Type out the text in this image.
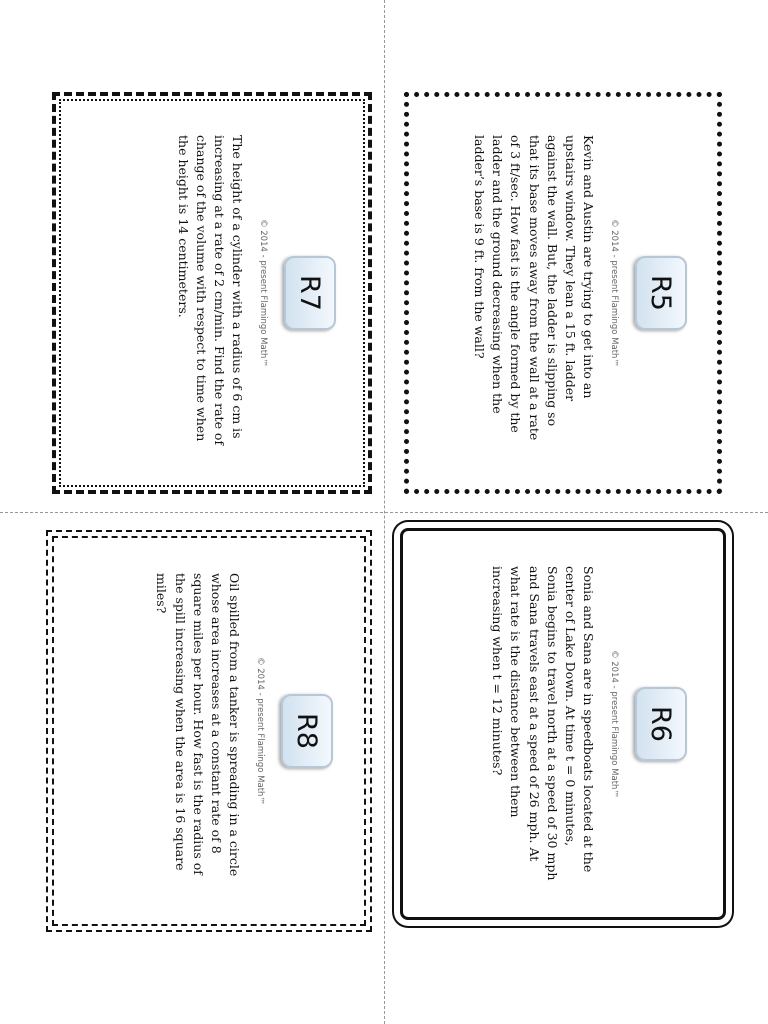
R7
© 2014 - present Flamingo Math™
The height of a cylinder with a radius of 6 cm is increasing at a rate of 2 cm/min. Find the rate of change of the volume with respect to time when the height is 14 centimeters.	R5
© 2014 - present Flamingo Math™
Kevin and Austin are trying to get into an upstairs window. They lean a 15 ft. ladder against the wall. But, the ladder is slipping so that its base moves away from the wall at a rate of 3 ft/sec. How fast is the angle formed by the ladder and the ground decreasing when the ladder’s base is 9 ft. from the wall?
R8
© 2014 - present Flamingo Math™
Oil spilled from a tanker is spreading in a circle whose area increases at a constant rate of 8 square miles per hour. How fast is the radius of the spill increasing when the area is 16 square miles?
R6
© 2014 - present Flamingo Math™
Sonia and Sana are in speedboats located at the center of Lake Down. At time t = 0 minutes, Sonia begins to travel north at a speed of 30 mph and Sana travels east at a speed of 26 mph. At what rate is the distance between them increasing when t = 12 minutes?
